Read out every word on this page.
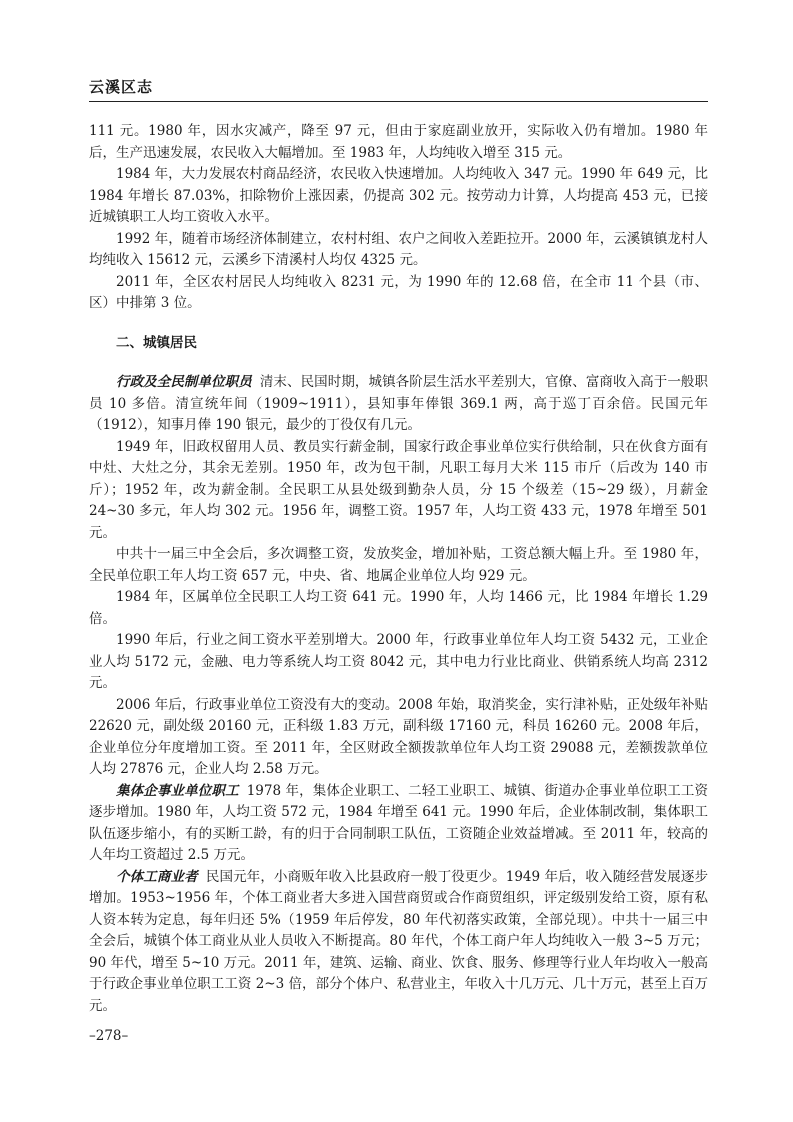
云溪区志

111 元。1980 年，因水灾减产，降至 97 元，但由于家庭副业放开，实际收入仍有增加。1980 年后，生产迅速发展，农民收入大幅增加。至 1983 年，人均纯收入增至 315 元。

1984 年，大力发展农村商品经济，农民收入快速增加。人均纯收入 347 元。1990 年 649 元，比 1984 年增长 87.03%，扣除物价上涨因素，仍提高 302 元。按劳动力计算，人均提高 453 元，已接近城镇职工人均工资收入水平。

1992 年，随着市场经济体制建立，农村村组、农户之间收入差距拉开。2000 年，云溪镇镇龙村人均纯收入 15612 元，云溪乡下清溪村人均仅 4325 元。

2011 年，全区农村居民人均纯收入 8231 元，为 1990 年的 12.68 倍，在全市 11 个县（市、区）中排第 3 位。

二、城镇居民

行政及全民制单位职员 清末、民国时期，城镇各阶层生活水平差别大，官僚、富商收入高于一般职员 10 多倍。清宣统年间（1909~1911），县知事年俸银 369.1 两，高于巡丁百余倍。民国元年（1912），知事月俸 190 银元，最少的丁役仅有几元。

1949 年，旧政权留用人员、教员实行薪金制，国家行政企事业单位实行供给制，只在伙食方面有中灶、大灶之分，其余无差别。1950 年，改为包干制，凡职工每月大米 115 市斤（后改为 140 市斤）；1952 年，改为薪金制。全民职工从县处级到勤杂人员，分 15 个级差（15~29 级），月薪金 24~30 多元，年人均 302 元。1956 年，调整工资。1957 年，人均工资 433 元，1978 年增至 501 元。

中共十一届三中全会后，多次调整工资，发放奖金，增加补贴，工资总额大幅上升。至 1980 年，全民单位职工年人均工资 657 元，中央、省、地属企业单位人均 929 元。

1984 年，区属单位全民职工人均工资 641 元。1990 年，人均 1466 元，比 1984 年增长 1.29 倍。

1990 年后，行业之间工资水平差别增大。2000 年，行政事业单位年人均工资 5432 元，工业企业人均 5172 元，金融、电力等系统人均工资 8042 元，其中电力行业比商业、供销系统人均高 2312 元。

2006 年后，行政事业单位工资没有大的变动。2008 年始，取消奖金，实行津补贴，正处级年补贴 22620 元，副处级 20160 元，正科级 1.83 万元，副科级 17160 元，科员 16260 元。2008 年后，企业单位分年度增加工资。至 2011 年，全区财政全额拨款单位年人均工资 29088 元，差额拨款单位人均 27876 元，企业人均 2.58 万元。

集体企事业单位职工 1978 年，集体企业职工、二轻工业职工、城镇、街道办企事业单位职工工资逐步增加。1980 年，人均工资 572 元，1984 年增至 641 元。1990 年后，企业体制改制，集体职工队伍逐步缩小，有的买断工龄，有的归于合同制职工队伍，工资随企业效益增减。至 2011 年，较高的人年均工资超过 2.5 万元。

个体工商业者 民国元年，小商贩年收入比县政府一般丁役更少。1949 年后，收入随经营发展逐步增加。1953~1956 年，个体工商业者大多进入国营商贸或合作商贸组织，评定级别发给工资，原有私人资本转为定息，每年归还 5%（1959 年后停发，80 年代初落实政策，全部兑现）。中共十一届三中全会后，城镇个体工商业从业人员收入不断提高。80 年代，个体工商户年人均纯收入一般 3~5 万元；90 年代，增至 5~10 万元。2011 年，建筑、运输、商业、饮食、服务、修理等行业人年均收入一般高于行政企事业单位职工工资 2~3 倍，部分个体户、私营业主，年收入十几万元、几十万元，甚至上百万元。

–278–
